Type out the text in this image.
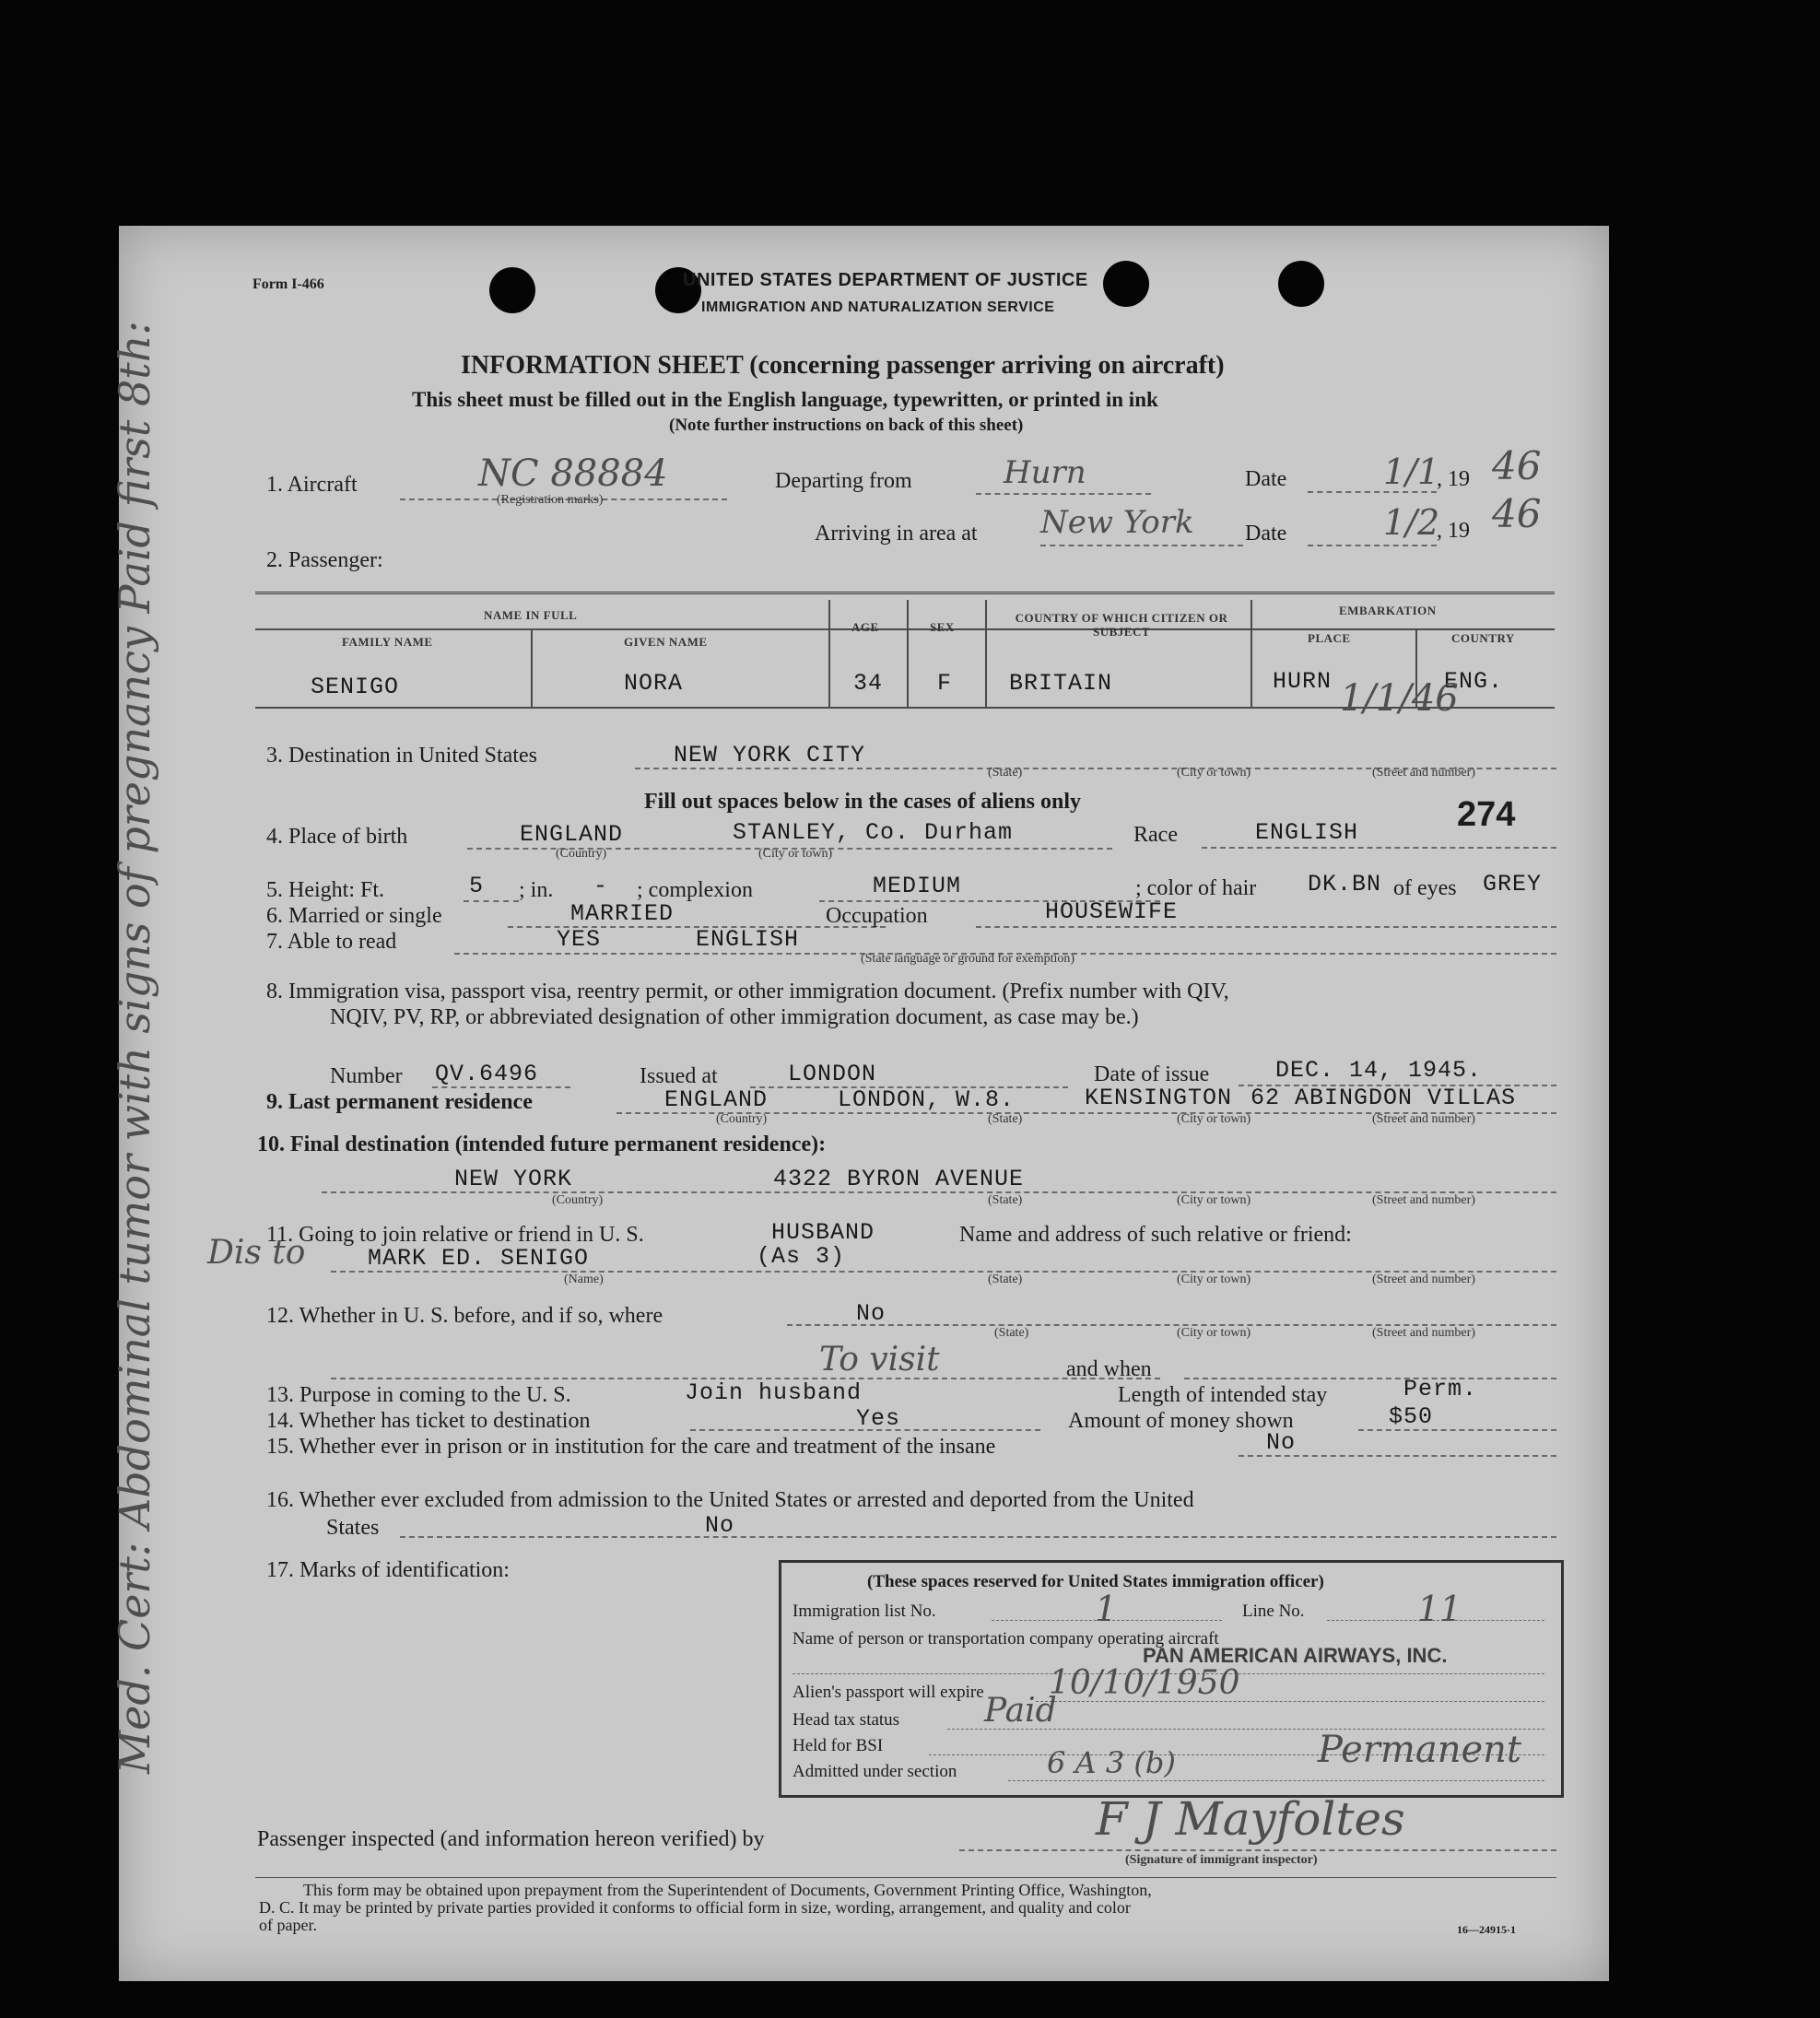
Form I-466	UNITED STATES DEPARTMENT OF JUSTICE
IMMIGRATION AND NATURALIZATION SERVICE
INFORMATION SHEET (concerning passenger arriving on aircraft)
This sheet must be filled out in the English language, typewritten, or printed in ink
(Note further instructions on back of this sheet)
1. Aircraft	NC 88884
(Registration marks)
Departing from	Hurn	Date	1/1
, 19 46
Arriving in area at New York Date	1/2
, 19 46
2. Passenger:
NAME IN FULL
FAMILY NAME	GIVEN NAME
AGE	SEX
COUNTRY OF WHICH CITIZEN OR SUBJECT
EMBARKATION
PLACE	COUNTRY
SENIGO	NORA	34 F BRITAIN	HURN	ENG.
1/1/46
3. Destination in United States	NEW YORK CITY
(State)	(City or town)	(Street and number)
Fill out spaces below in the cases of aliens only	274
4. Place of birth	ENGLAND	STANLEY, Co. Durham
(Country)	(City or town)
Race	ENGLISH
5. Height: Ft.	5 ; in. - ; complexion	MEDIUM	; color of hair DK.BN of eyes GREY
6. Married or single	MARRIED	Occupation	HOUSEWIFE
7. Able to read	YES	ENGLISH
(State language or ground for exemption)
8. Immigration visa, passport visa, reentry permit, or other immigration document. (Prefix number with QIV,
NQIV, PV, RP, or abbreviated designation of other immigration document, as case may be.)
Number QV.6496	Issued at	LONDON	Date of issue	DEC. 14, 1945.
9. Last permanent residence	ENGLAND	LONDON, W.8.	KENSINGTON 62 ABINGDON VILLAS
(Country)	(State)	(City or town)	(Street and number)
10. Final destination (intended future permanent residence):
NEW YORK	4322 BYRON AVENUE
(Country)	(State)	(City or town)	(Street and number)
11. Going to join relative or friend in U. S.	HUSBAND	Name and address of such relative or friend:
Dis to	MARK ED. SENIGO	(As 3)
(Name)	(State)	(City or town)	(Street and number)
12. Whether in U. S. before, and if so, where	No
(State)	(City or town)	(Street and number)
To visit	and when
13. Purpose in coming to the U. S.	Join husband	Length of intended stay	Perm.
14. Whether has ticket to destination	Yes	Amount of money shown	$50
15. Whether ever in prison or in institution for the care and treatment of the insane	No
16. Whether ever excluded from admission to the United States or arrested and deported from the United
States	No
17. Marks of identification:	(These spaces reserved for United States immigration officer)
Immigration list No.	1	Line No.	11
Name of person or transportation company operating aircraft
PAN AMERICAN AIRWAYS, INC.
Alien's passport will expire 10/10/1950
Head tax status	Paid
Held for BSI
Admitted under section	6 A 3 (b)	Permanent
Passenger inspected (and information hereon verified) by	F J Mayfoltes
(Signature of immigrant inspector)
This form may be obtained upon prepayment from the Superintendent of Documents, Government Printing Office, Washington,
D. C. It may be printed by private parties provided it conforms to official form in size, wording, arrangement, and quality and color
of paper.	16—24915-1
Med. Cert: Abdominal tumor with signs of pregnancy Paid first 8th:
